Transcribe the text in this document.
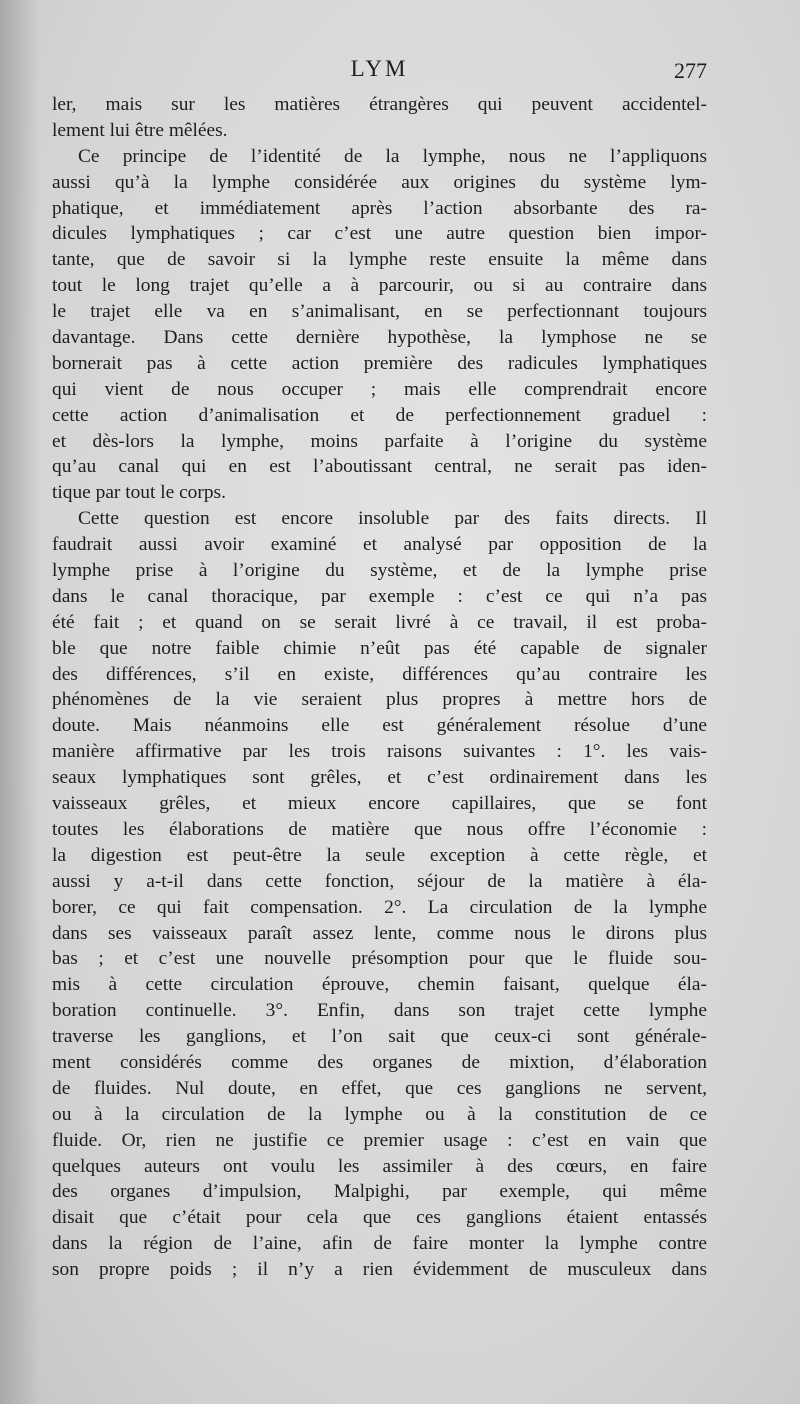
LYM	277
ler, mais sur les matières étrangères qui peuvent accidentel-
lement lui être mêlées.
Ce principe de l’identité de la lymphe, nous ne l’appliquons
aussi qu’à la lymphe considérée aux origines du système lym-
phatique, et immédiatement après l’action absorbante des ra-
dicules lymphatiques ; car c’est une autre question bien impor-
tante, que de savoir si la lymphe reste ensuite la même dans
tout le long trajet qu’elle a à parcourir, ou si au contraire dans
le trajet elle va en s’animalisant, en se perfectionnant toujours
davantage. Dans cette dernière hypothèse, la lymphose ne se
bornerait pas à cette action première des radicules lymphatiques
qui vient de nous occuper ; mais elle comprendrait encore
cette action d’animalisation et de perfectionnement graduel :
et dès-lors la lymphe, moins parfaite à l’origine du système
qu’au canal qui en est l’aboutissant central, ne serait pas iden-
tique par tout le corps.
Cette question est encore insoluble par des faits directs. Il
faudrait aussi avoir examiné et analysé par opposition de la
lymphe prise à l’origine du système, et de la lymphe prise
dans le canal thoracique, par exemple : c’est ce qui n’a pas
été fait ; et quand on se serait livré à ce travail, il est proba-
ble que notre faible chimie n’eût pas été capable de signaler
des différences, s’il en existe, différences qu’au contraire les
phénomènes de la vie seraient plus propres à mettre hors de
doute. Mais néanmoins elle est généralement résolue d’une
manière affirmative par les trois raisons suivantes : 1°. les vais-
seaux lymphatiques sont grêles, et c’est ordinairement dans les
vaisseaux grêles, et mieux encore capillaires, que se font
toutes les élaborations de matière que nous offre l’économie :
la digestion est peut-être la seule exception à cette règle, et
aussi y a-t-il dans cette fonction, séjour de la matière à éla-
borer, ce qui fait compensation. 2°. La circulation de la lymphe
dans ses vaisseaux paraît assez lente, comme nous le dirons plus
bas ; et c’est une nouvelle présomption pour que le fluide sou-
mis à cette circulation éprouve, chemin faisant, quelque éla-
boration continuelle. 3°. Enfin, dans son trajet cette lymphe
traverse les ganglions, et l’on sait que ceux-ci sont générale-
ment considérés comme des organes de mixtion, d’élaboration
de fluides. Nul doute, en effet, que ces ganglions ne servent,
ou à la circulation de la lymphe ou à la constitution de ce
fluide. Or, rien ne justifie ce premier usage : c’est en vain que
quelques auteurs ont voulu les assimiler à des cœurs, en faire
des organes d’impulsion, Malpighi, par exemple, qui même
disait que c’était pour cela que ces ganglions étaient entassés
dans la région de l’aine, afin de faire monter la lymphe contre
son propre poids ; il n’y a rien évidemment de musculeux dans
